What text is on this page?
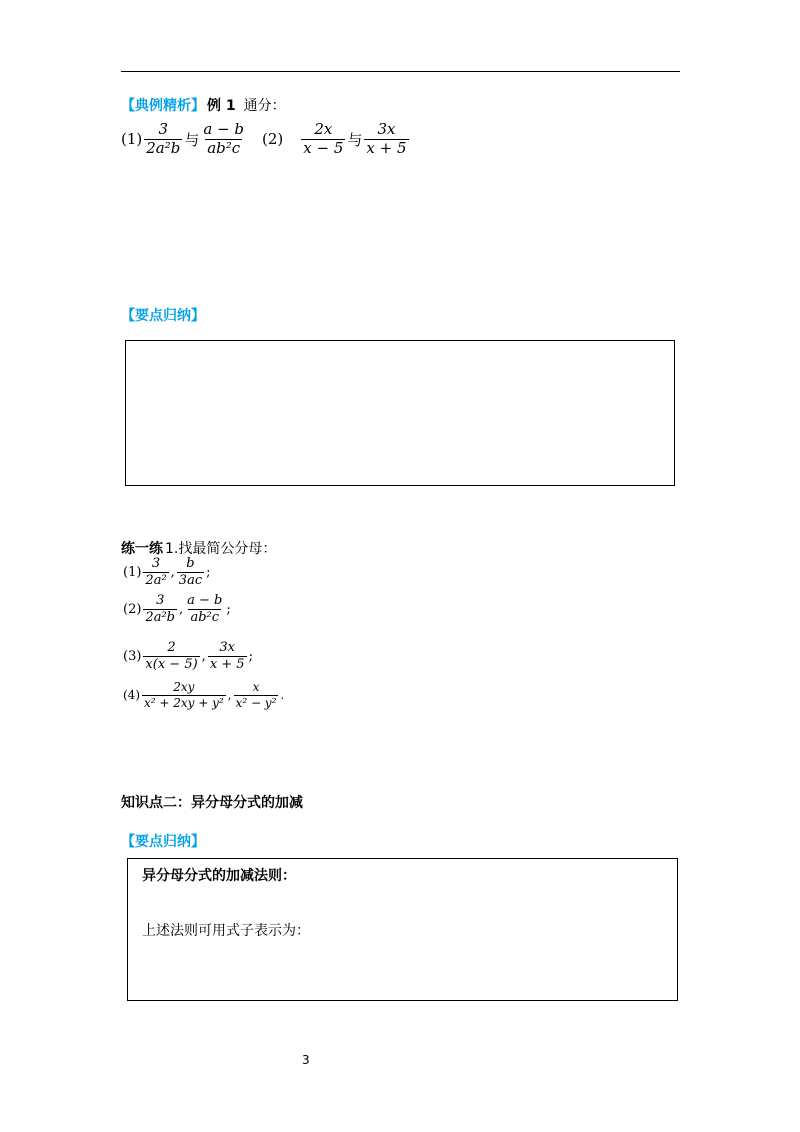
【典例精析】 例 1 通分：
$(1) \frac{3}{\text{2a²b}}$ 与 $\frac{a - b}{\text{ab²c}} (2) \frac{2x}{x - 5}$ 与 $\frac{3x}{x + 5}$
【要点归纳】
练一练 1.找最简公分母：
$(1) \frac{3}{\text{2a²}}$ , $\frac{b}{3ac}$ ;
$(2) \frac{3}{\text{2a²b}}$ , $\frac{a - b}{\text{ab²c}}$ ;
$(3) \frac{2}{x(x - 5)}$ , $\frac{3x}{x + 5}$ ;
$(4) \frac{2xy}{\text{x² + 2xy + y²}}$ , $\frac{x}{\text{x² − y²}}$ .
知识点二：异分母分式的加减
【要点归纳】
异分母分式的加减法则：
上述法则可用式子表示为：
3
